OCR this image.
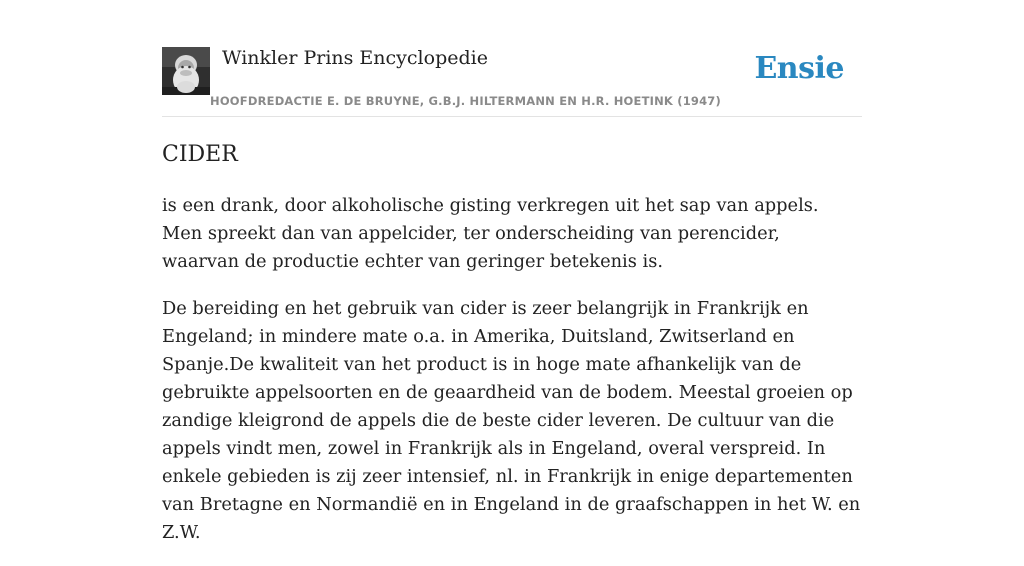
Winkler Prins Encyclopedie
HOOFDREDACTIE E. DE BRUYNE, G.B.J. HILTERMANN EN H.R. HOETINK (1947)
Ensie
CIDER

is een drank, door alkoholische gisting verkregen uit het sap van appels. Men spreekt dan van appelcider, ter onderscheiding van perencider, waarvan de productie echter van geringer betekenis is.

De bereiding en het gebruik van cider is zeer belangrijk in Frankrijk en Engeland; in mindere mate o.a. in Amerika, Duitsland, Zwitserland en Spanje.De kwaliteit van het product is in hoge mate afhankelijk van de gebruikte appelsoorten en de geaardheid van de bodem. Meestal groeien op zandige kleigrond de appels die de beste cider leveren. De cultuur van die appels vindt men, zowel in Frankrijk als in Engeland, overal verspreid. In enkele gebieden is zij zeer intensief, nl. in Frankrijk in enige departementen van Bretagne en Normandië en in Engeland in de graafschappen in het W. en Z.W.
